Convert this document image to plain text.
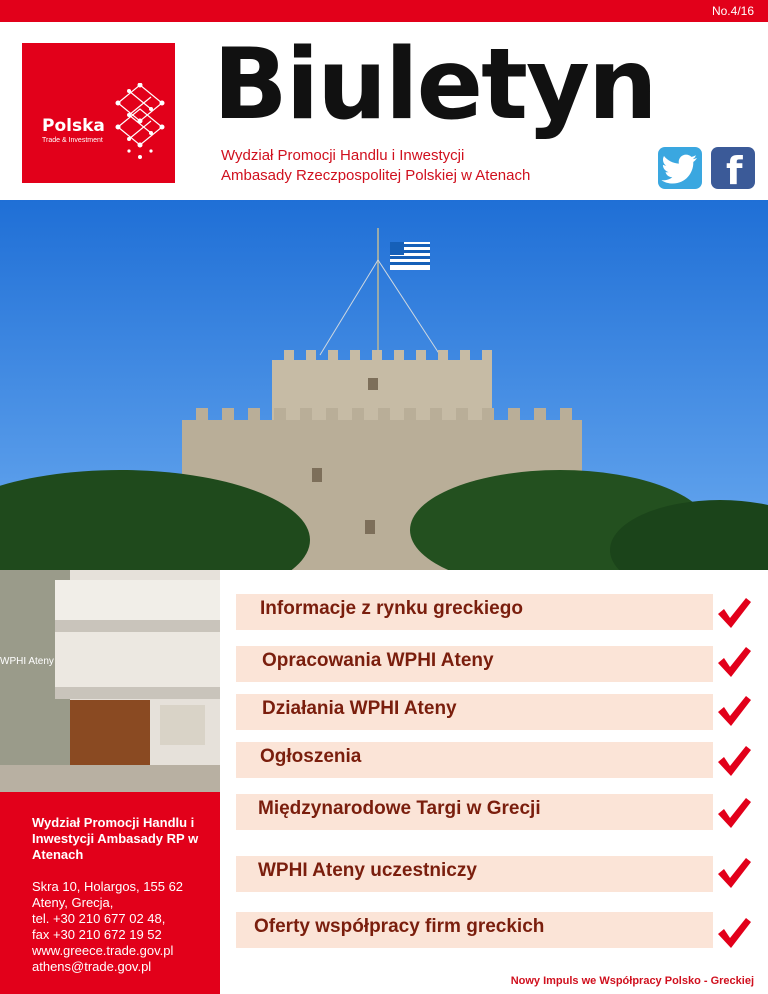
No.4/16
Polska
Trade & Investment Biuletyn
Wydział Promocji Handlu i Inwestycji
Ambasady Rzeczpospolitej Polskiej w Atenach	f
WPHI Ateny
Wydział Promocji Handlu i Inwestycji Ambasady RP w Atenach
Skra 10, Holargos, 155 62
Ateny, Grecja,
tel. +30 210 677 02 48,
fax +30 210 672 19 52
www.greece.trade.gov.pl
athens@trade.gov.pl
Informacje z rynku greckiego
Opracowania WPHI Ateny
Działania WPHI Ateny
Ogłoszenia
Międzynarodowe Targi w Grecji
WPHI Ateny uczestniczy
Oferty współpracy firm greckich
Nowy Impuls we Współpracy Polsko - Greckiej
